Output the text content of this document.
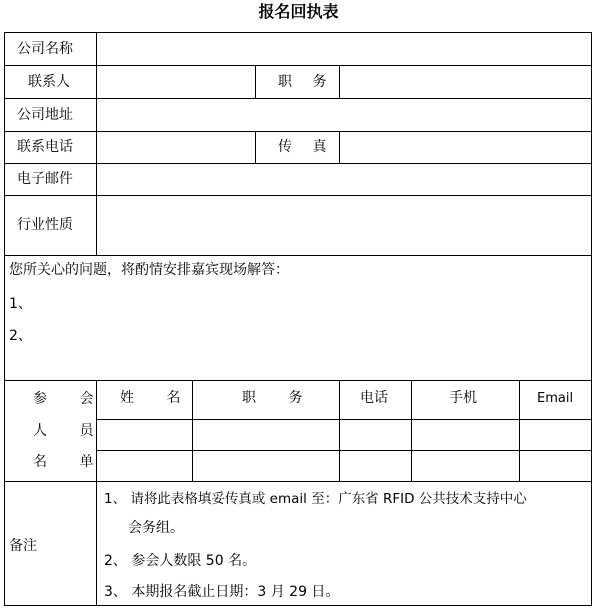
报名回执表
公司名称
联系人	职 务
公司地址
联系电话	传 真
电子邮件
行业性质
您所关心的问题，将酌情安排嘉宾现场解答：
1、
2、
参 会
人 员
名 单
姓 名	职 务	电话	手机	Email
备注
1、 请将此表格填妥传真或 email 至：广东省 RFID 公共技术支持中心
会务组。
2、 参会人数限 50 名。
3、 本期报名截止日期：3 月 29 日。
